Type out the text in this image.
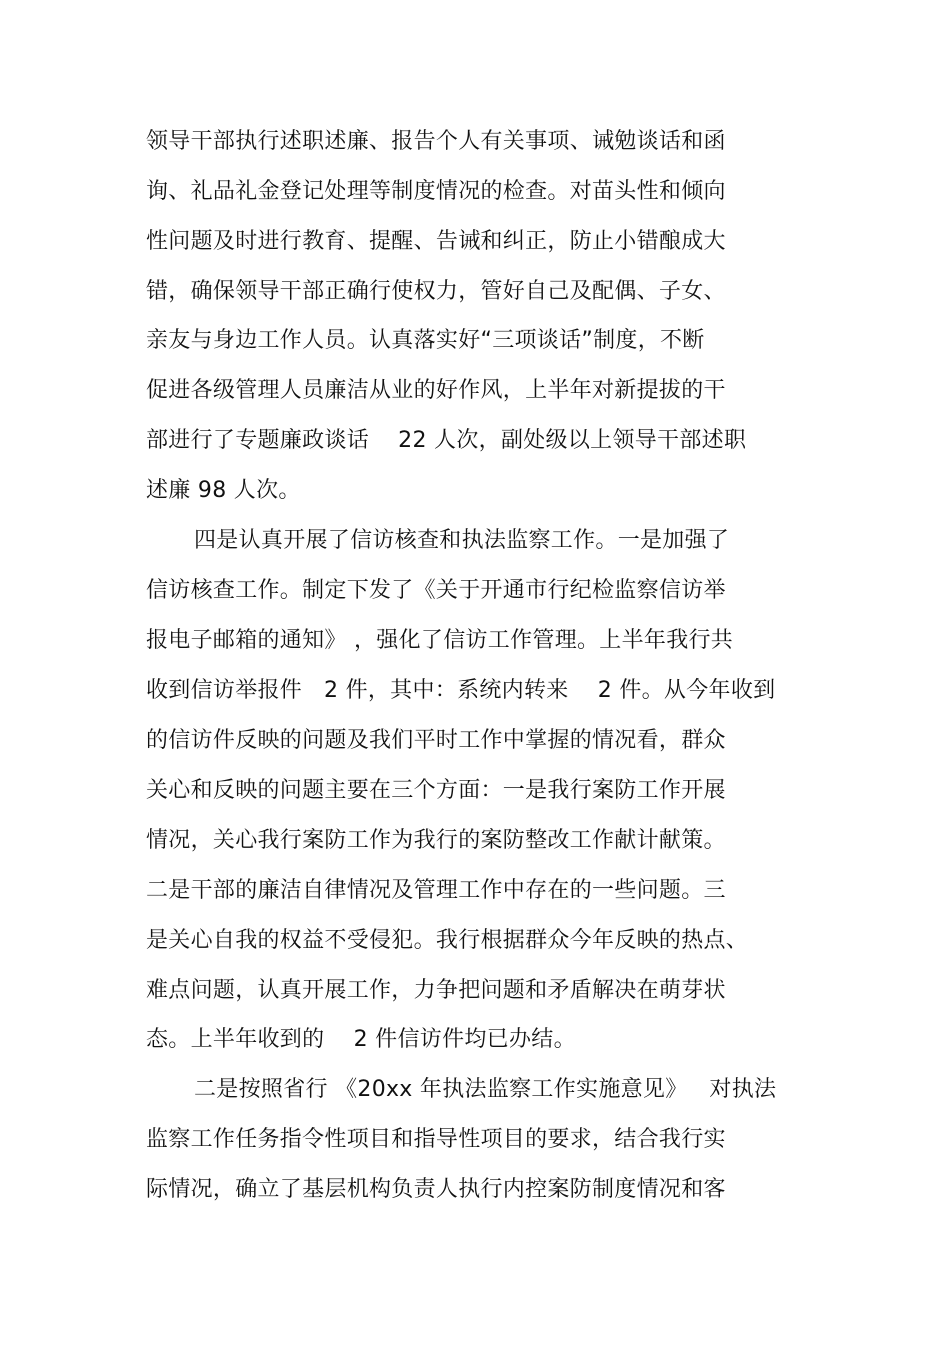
领导干部执行述职述廉、报告个人有关事项、诫勉谈话和函
询、礼品礼金登记处理等制度情况的检查。对苗头性和倾向
性问题及时进行教育、提醒、告诫和纠正，防止小错酿成大
错，确保领导干部正确行使权力，管好自己及配偶、子女、
亲友与身边工作人员。认真落实好“三项谈话”制度，不断
促进各级管理人员廉洁从业的好作风，上半年对新提拔的干
部进行了专题廉政谈话    22 人次，副处级以上领导干部述职
述廉 98 人次。
四是认真开展了信访核查和执法监察工作。一是加强了
信访核查工作。制定下发了《关于开通市行纪检监察信访举
报电子邮箱的通知》 ，强化了信访工作管理。上半年我行共
收到信访举报件   2 件，其中：系统内转来    2 件。从今年收到
的信访件反映的问题及我们平时工作中掌握的情况看，群众
关心和反映的问题主要在三个方面：一是我行案防工作开展
情况，关心我行案防工作为我行的案防整改工作献计献策。
二是干部的廉洁自律情况及管理工作中存在的一些问题。三
是关心自我的权益不受侵犯。我行根据群众今年反映的热点、
难点问题，认真开展工作，力争把问题和矛盾解决在萌芽状
态。上半年收到的    2 件信访件均已办结。
二是按照省行 《20xx 年执法监察工作实施意见》   对执法
监察工作任务指令性项目和指导性项目的要求，结合我行实
际情况，确立了基层机构负责人执行内控案防制度情况和客
